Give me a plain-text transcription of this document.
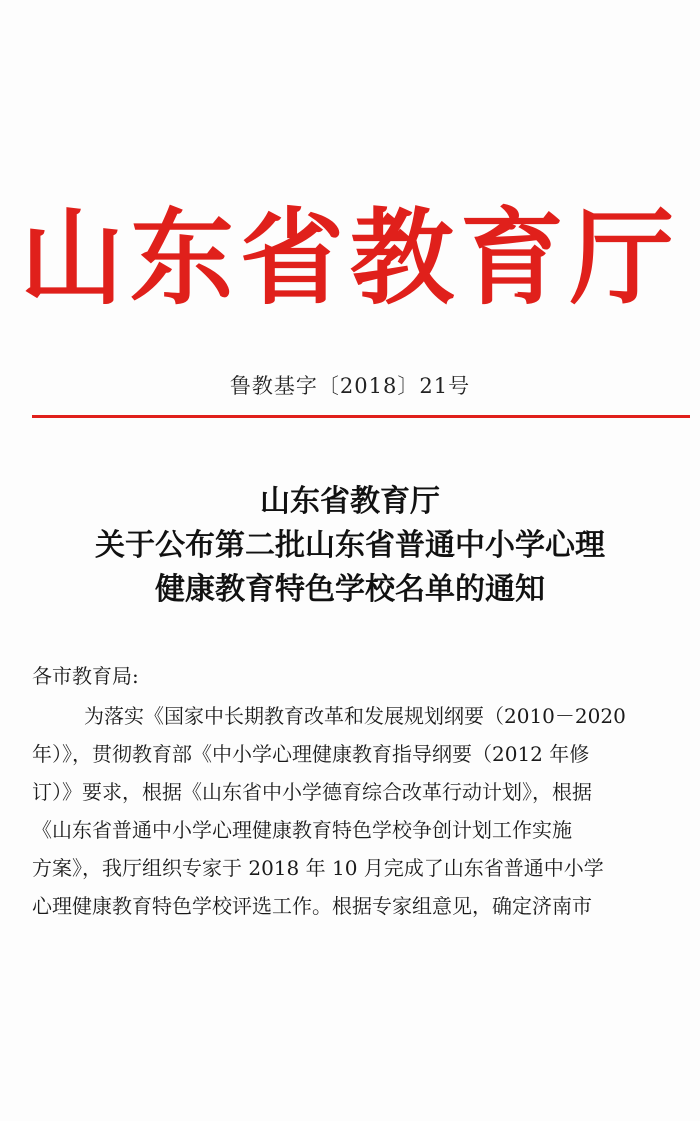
山东省教育厅
鲁教基字〔2018〕21号
山东省教育厅
关于公布第二批山东省普通中小学心理
健康教育特色学校名单的通知
各市教育局:
为落实《国家中长期教育改革和发展规划纲要（2010－2020
年）》，贯彻教育部《中小学心理健康教育指导纲要（2012 年修
订）》要求，根据《山东省中小学德育综合改革行动计划》，根据
《山东省普通中小学心理健康教育特色学校争创计划工作实施
方案》，我厅组织专家于 2018 年 10 月完成了山东省普通中小学
心理健康教育特色学校评选工作。根据专家组意见，确定济南市
